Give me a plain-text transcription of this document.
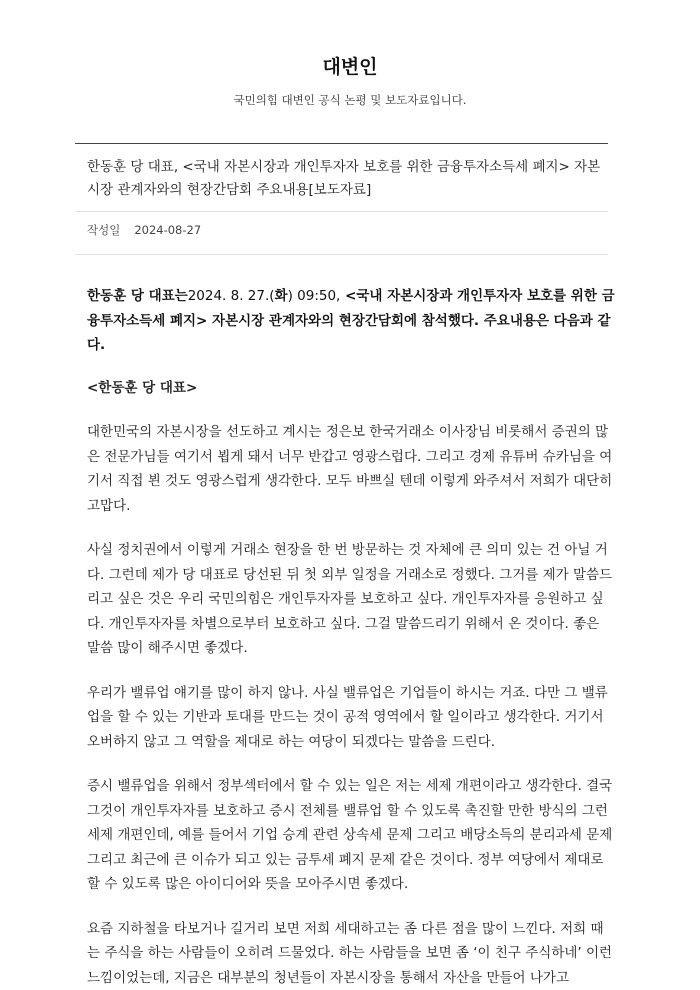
대변인
국민의힘 대변인 공식 논평 및 보도자료입니다.
한동훈 당 대표, <국내 자본시장과 개인투자자 보호를 위한 금융투자소득세 폐지> 자본시장 관계자와의 현장간담회 주요내용[보도자료]
작성일 2024-08-27

한동훈 당 대표는2024. 8. 27.(화) 09:50, <국내 자본시장과 개인투자자 보호를 위한 금융투자소득세 폐지> 자본시장 관계자와의 현장간담회에 참석했다. 주요내용은 다음과 같다.

<한동훈 당 대표>

대한민국의 자본시장을 선도하고 계시는 정은보 한국거래소 이사장님 비롯해서 증권의 많은 전문가님들 여기서 뵙게 돼서 너무 반갑고 영광스럽다. 그리고 경제 유튜버 슈카님을 여기서 직접 뵌 것도 영광스럽게 생각한다. 모두 바쁘실 텐데 이렇게 와주셔서 저희가 대단히 고맙다.

사실 정치권에서 이렇게 거래소 현장을 한 번 방문하는 것 자체에 큰 의미 있는 건 아닐 거다. 그런데 제가 당 대표로 당선된 뒤 첫 외부 일정을 거래소로 정했다. 그거를 제가 말씀드리고 싶은 것은 우리 국민의힘은 개인투자자를 보호하고 싶다. 개인투자자를 응원하고 싶다. 개인투자자를 차별으로부터 보호하고 싶다. 그걸 말씀드리기 위해서 온 것이다. 좋은 말씀 많이 해주시면 좋겠다.

우리가 밸류업 얘기를 많이 하지 않나. 사실 밸류업은 기업들이 하시는 거죠. 다만 그 밸류업을 할 수 있는 기반과 토대를 만드는 것이 공적 영역에서 할 일이라고 생각한다. 거기서 오버하지 않고 그 역할을 제대로 하는 여당이 되겠다는 말씀을 드린다.

증시 밸류업을 위해서 정부섹터에서 할 수 있는 일은 저는 세제 개편이라고 생각한다. 결국 그것이 개인투자자를 보호하고 증시 전체를 밸류업 할 수 있도록 촉진할 만한 방식의 그런 세제 개편인데, 예를 들어서 기업 승계 관련 상속세 문제 그리고 배당소득의 분리과세 문제 그리고 최근에 큰 이슈가 되고 있는 금투세 폐지 문제 같은 것이다. 정부 여당에서 제대로 할 수 있도록 많은 아이디어와 뜻을 모아주시면 좋겠다.

요즘 지하철을 타보거나 길거리 보면 저희 세대하고는 좀 다른 점을 많이 느낀다. 저희 때는 주식을 하는 사람들이 오히려 드물었다. 하는 사람들을 보면 좀 ‘이 친구 주식하네’ 이런 느낌이었는데, 지금은 대부분의 청년들이 자본시장을 통해서 자산을 만들어 나가고
